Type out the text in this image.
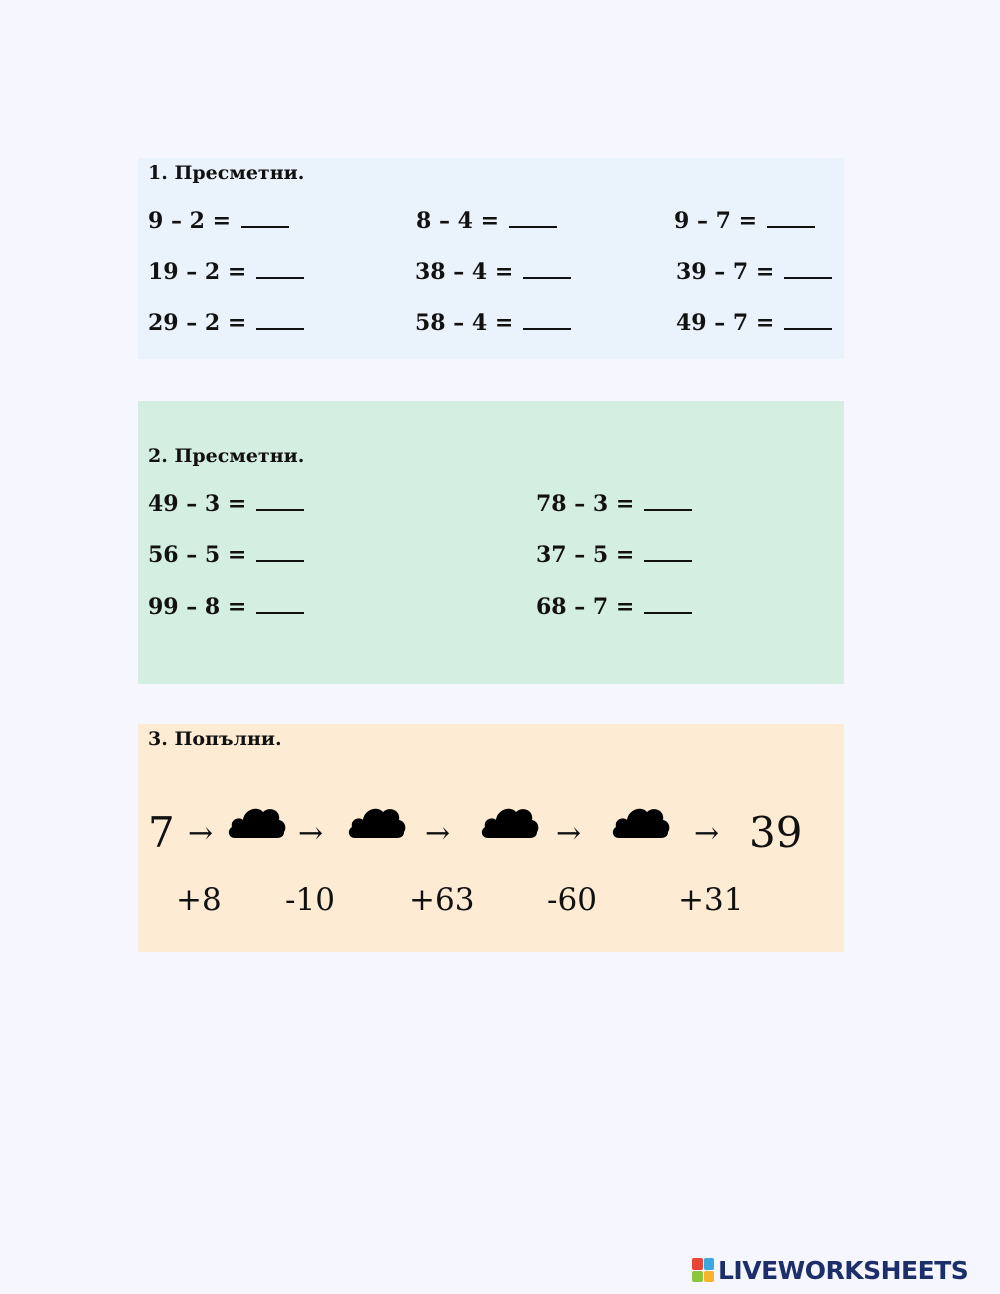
1. Пресметни.
9 – 2 =	8 – 4 =	9 – 7 =
19 – 2 =	38 – 4 =	39 – 7 =
29 – 2 =	58 – 4 =	49 – 7 =
2. Пресметни.
49 – 3 =	78 – 3 =
56 – 5 =	37 – 5 =
99 – 8 =	68 – 7 =
3. Попълни.
7 →	→	→	→	→ 39
+8 -10 +63 -60	+31
LIVEWORKSHEETS
